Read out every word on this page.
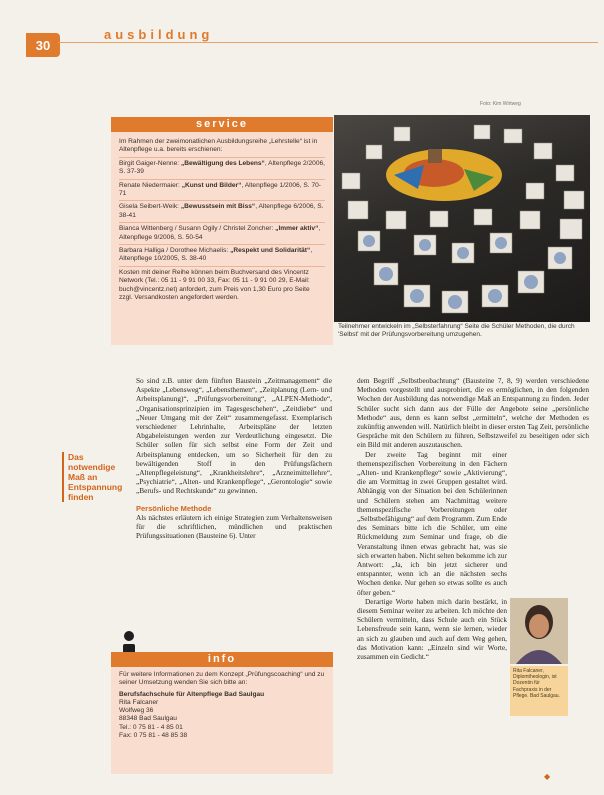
30
ausbildung
service
Im Rahmen der zweimonatlichen Ausbildungsreihe „Lehrstelle“ ist in Altenpflege u.a. bereits erschienen:
Birgit Gaiger-Nenne: „Bewältigung des Lebens“, Altenpflege 2/2006, S. 37-39
Renate Niedermaier: „Kunst und Bilder“, Altenpflege 1/2006, S. 70-71
Gisela Seibert-Weik: „Bewusstsein mit Biss“, Altenpflege 6/2006, S. 38-41
Bianca Wittenberg / Susann Ogily / Christel Zoncher: „Immer aktiv“, Altenpflege 9/2006, S. 50-54
Barbara Halliga / Dorothee Michaelis: „Respekt und Solidarität“, Altenpflege 10/2005, S. 38-40
Kosten mit deiner Reihe können beim Buchversand des Vincentz Network (Tel.: 05 11 - 9 91 00 33, Fax: 05 11 - 9 91 00 29, E-Mail: buch@vincentz.net) anfordert, zum Preis von 1,30 Euro pro Seite zzgl. Versandkosten angefordert werden.
Foto: Kim Wirtweg
Teilnehmer entwickeln im „Selbsterfahrung“ Seite die Schüler Methoden, die durch 'Selbst' mit der Prüfungsvorbereitung umzugehen.
Das notwendige Maß an Entspannung finden

So sind z.B. unter dem fünften Baustein „Zeitmanagement“ die Aspekte „Lebensweg“, „Lebensthemen“, „Zeitplanung (Lern- und Arbeitsplanung)“, „Prüfungsvorbereitung“, „ALPEN-Methode“, „Organisationsprinzipien im Tagesgeschehen“, „Zeitdiebe“ und „Neuer Umgang mit der Zeit“ zusammengefasst. Exemplarisch verschiedener Lehrinhalte, Arbeitspläne der letzten Abgabeleistungen werden zur Verdeutlichung eingesetzt. Die Schüler sollen für sich selbst eine Form der Zeit und Arbeitsplanung entdecken, um so Sicherheit für den zu bewältigenden Stoff in den Prüfungsfächern „Altenpflegeleistung“, „Krankheitslehre“, „Arzneimittellehre“, „Psychiatrie“, „Alten- und Krankenpflege“, „Gerontologie“ sowie „Berufs- und Rechtskunde“ zu gewinnen.

Persönliche Methode

Als nächstes erläutern ich einige Strategien zum Verhaltensweisen für die schriftlichen, mündlichen und praktischen Prüfungssituationen (Bausteine 6). Unter

dem Begriff „Selbstbeobachtung“ (Bausteine 7, 8, 9) werden verschiedene Methoden vorgestellt und ausprobiert, die es ermöglichen, in den folgenden Wochen der Ausbildung das notwendige Maß an Entspannung zu finden. Jeder Schüler sucht sich dann aus der Fülle der Angebote seine „persönliche Methode“ aus, denn es kann selbst „ermitteln“, welche der Methoden es zukünftig anwenden will. Natürlich bleibt in dieser ersten Tag Zeit, persönliche Gespräche mit den Schülern zu führen, Selbstzweifel zu beseitigen oder sich ein Bild mit anderen auszutauschen.

Der zweite Tag beginnt mit einer themenspezifischen Vorbereitung in den Fächern „Alten- und Krankenpflege“ sowie „Aktivierung“, die am Vormittag in zwei Gruppen gestaltet wird. Abhängig von der Situation bei den Schülerinnen und Schülern stehen am Nachmittag weitere themenspezifische Vorbereitungen oder „Selbstbefähigung“ auf dem Programm. Zum Ende des Seminars bitte ich die Schüler, um eine Rückmeldung zum Seminar und frage, ob die Veranstaltung ihnen etwas gebracht hat, was sie sich erwarten haben. Nicht selten bekomme ich zur Antwort: „Ja, ich bin jetzt sicherer und entspannter, wenn ich an die nächsten sechs Wochen denke. Nur gehen so etwas sollte es auch öfter geben.“

Derartige Worte haben mich darin bestärkt, in diesem Seminar weiter zu arbeiten. Ich möchte den Schülern vermitteln, dass Schule auch ein Stück Lebensfreude sein kann, wenn sie lernen, wieder an sich zu glauben und auch auf dem Weg gehen, das Motivation kann: „Einzeln sind wir Worte, zusammen ein Gedicht.“

info

Für weitere Informationen zu dem Konzept „Prüfungscoaching“ und zu seiner Umsetzung wenden Sie sich bitte an:

Berufsfachschule für Altenpflege Bad Saulgau

Rita Falcaner

Wolfweg 36

88348 Bad Saulgau

Tel.: 0 75 81 - 4 85 01

Fax: 0 75 81 - 48 85 38

Rita Falcaner, Diplomtheologin, ist Dozentin für Fachpraxis in der Pflege. Bad Saulgau.
◆
